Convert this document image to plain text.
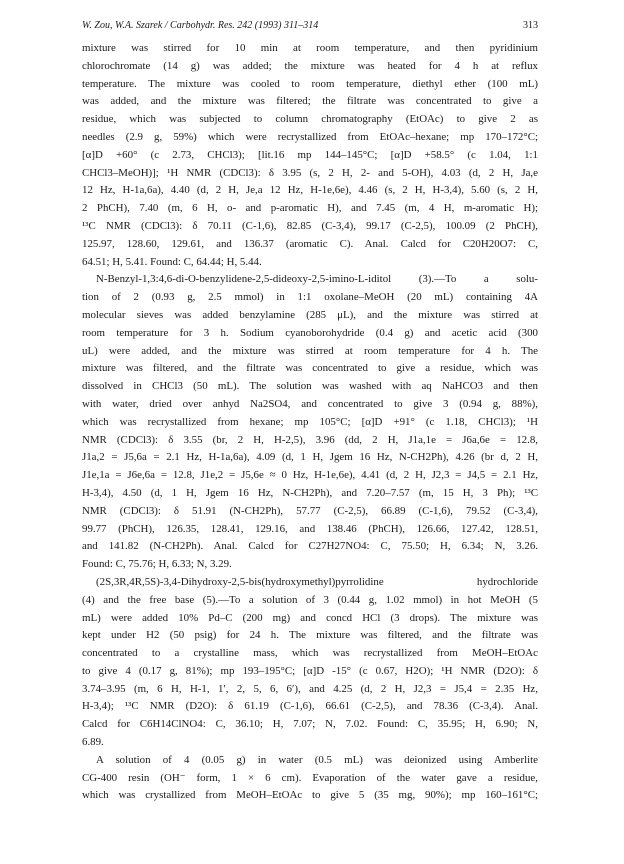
W. Zou, W.A. Szarek / Carbohydr. Res. 242 (1993) 311–314	313
mixture was stirred for 10 min at room temperature, and then pyridinium
chlorochromate (14 g) was added; the mixture was heated for 4 h at reflux
temperature. The mixture was cooled to room temperature, diethyl ether (100 mL)
was added, and the mixture was filtered; the filtrate was concentrated to give a
residue, which was subjected to column chromatography (EtOAc) to give 2 as
needles (2.9 g, 59%) which were recrystallized from EtOAc–hexane; mp 170–172°C;
[α]D +60° (c 2.73, CHCl3); [lit.16 mp 144–145°C; [α]D +58.5° (c 1.04, 1:1
CHCl3–MeOH)]; ¹H NMR (CDCl3): δ 3.95 (s, 2 H, 2- and 5-OH), 4.03 (d, 2 H, Ja,e
12 Hz, H-1a,6a), 4.40 (d, 2 H, Je,a 12 Hz, H-1e,6e), 4.46 (s, 2 H, H-3,4), 5.60 (s, 2 H,
2 PhCH), 7.40 (m, 6 H, o- and p-aromatic H), and 7.45 (m, 4 H, m-aromatic H);
¹³C NMR (CDCl3): δ 70.11 (C-1,6), 82.85 (C-3,4), 99.17 (C-2,5), 100.09 (2 PhCH),
125.97, 128.60, 129.61, and 136.37 (aromatic C). Anal. Calcd for C20H20O7: C,
64.51; H, 5.41. Found: C, 64.44; H, 5.44.
N-Benzyl-1,3:4,6-di-O-benzylidene-2,5-dideoxy-2,5-imino-L-iditol (3).—To a solu-
tion of 2 (0.93 g, 2.5 mmol) in 1:1 oxolane–MeOH (20 mL) containing 4A
molecular sieves was added benzylamine (285 μL), and the mixture was stirred at
room temperature for 3 h. Sodium cyanoborohydride (0.4 g) and acetic acid (300
uL) were added, and the mixture was stirred at room temperature for 4 h. The
mixture was filtered, and the filtrate was concentrated to give a residue, which was
dissolved in CHCl3 (50 mL). The solution was washed with aq NaHCO3 and then
with water, dried over anhyd Na2SO4, and concentrated to give 3 (0.94 g, 88%),
which was recrystallized from hexane; mp 105°C; [α]D +91° (c 1.18, CHCl3); ¹H
NMR (CDCl3): δ 3.55 (br, 2 H, H-2,5), 3.96 (dd, 2 H, J1a,1e = J6a,6e = 12.8,
J1a,2 = J5,6a = 2.1 Hz, H-1a,6a), 4.09 (d, 1 H, Jgem 16 Hz, N-CH2Ph), 4.26 (br d, 2 H,
J1e,1a = J6e,6a = 12.8, J1e,2 = J5,6e ≈ 0 Hz, H-1e,6e), 4.41 (d, 2 H, J2,3 = J4,5 = 2.1 Hz,
H-3,4), 4.50 (d, 1 H, Jgem 16 Hz, N-CH2Ph), and 7.20–7.57 (m, 15 H, 3 Ph); ¹³C
NMR (CDCl3): δ 51.91 (N-CH2Ph), 57.77 (C-2,5), 66.89 (C-1,6), 79.52 (C-3,4),
99.77 (PhCH), 126.35, 128.41, 129.16, and 138.46 (PhCH), 126.66, 127.42, 128.51,
and 141.82 (N-CH2Ph). Anal. Calcd for C27H27NO4: C, 75.50; H, 6.34; N, 3.26.
Found: C, 75.76; H, 6.33; N, 3.29.
(2S,3R,4R,5S)-3,4-Dihydroxy-2,5-bis(hydroxymethyl)pyrrolidine hydrochloride
(4) and the free base (5).—To a solution of 3 (0.44 g, 1.02 mmol) in hot MeOH (5
mL) were added 10% Pd–C (200 mg) and concd HCl (3 drops). The mixture was
kept under H2 (50 psig) for 24 h. The mixture was filtered, and the filtrate was
concentrated to a crystalline mass, which was recrystallized from MeOH–EtOAc
to give 4 (0.17 g, 81%); mp 193–195°C; [α]D -15° (c 0.67, H2O); ¹H NMR (D2O): δ
3.74–3.95 (m, 6 H, H-1, 1′, 2, 5, 6, 6′), and 4.25 (d, 2 H, J2,3 = J5,4 = 2.35 Hz,
H-3,4); ¹³C NMR (D2O): δ 61.19 (C-1,6), 66.61 (C-2,5), and 78.36 (C-3,4). Anal.
Calcd for C6H14ClNO4: C, 36.10; H, 7.07; N, 7.02. Found: C, 35.95; H, 6.90; N,
6.89.
A solution of 4 (0.05 g) in water (0.5 mL) was deionized using Amberlite
CG-400 resin (OH⁻ form, 1 × 6 cm). Evaporation of the water gave a residue,
which was crystallized from MeOH–EtOAc to give 5 (35 mg, 90%); mp 160–161°C;
